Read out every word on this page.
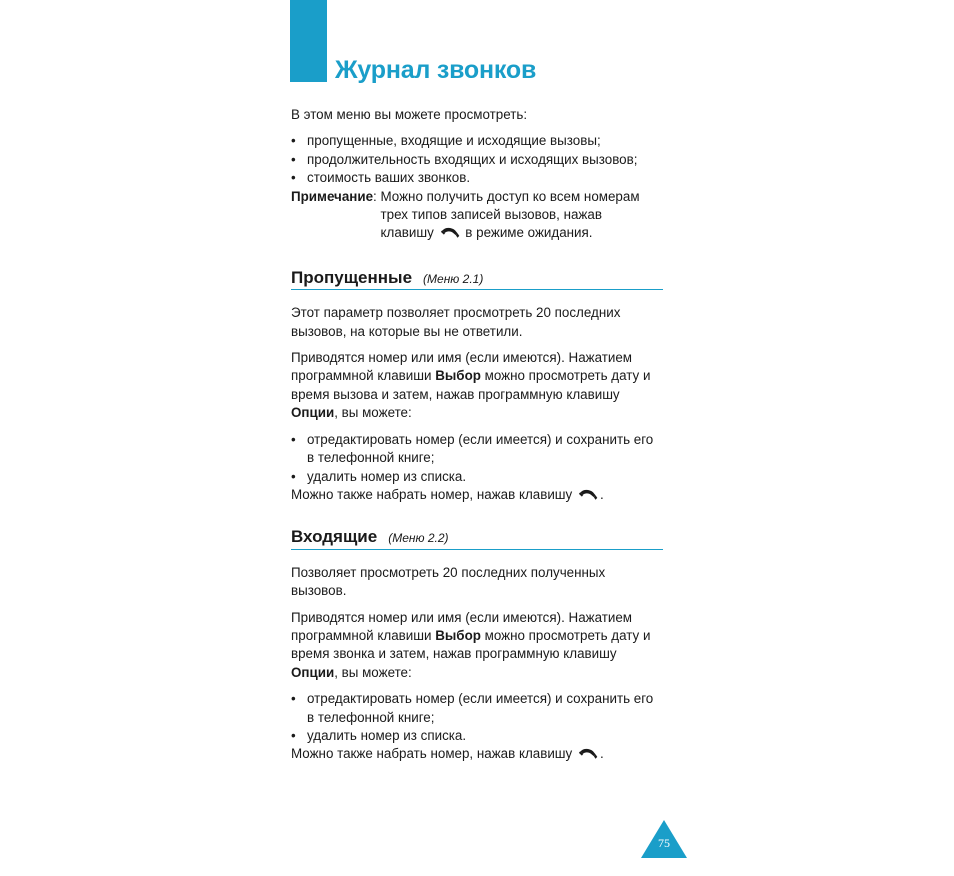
Журнал звонков

В этом меню вы можете просмотреть:

• пропущенные, входящие и исходящие вызовы;
• продолжительность входящих и исходящих вызовов;
• стоимость ваших звонков.
Примечание : Можно получить доступ ко всем номерам трех типов записей вызовов, нажав клавишу в режиме ожидания.
Пропущенные (Меню 2.1)

Этот параметр позволяет просмотреть 20 последних вызовов, на которые вы не ответили.

Приводятся номер или имя (если имеются). Нажатием программной клавиши Выбор можно просмотреть дату и время вызова и затем, нажав программную клавишу Опции, вы можете:

• отредактировать номер (если имеется) и сохранить его в телефонной книге;
• удалить номер из списка.

Можно также набрать номер, нажав клавишу .

Входящие (Меню 2.2)

Позволяет просмотреть 20 последних полученных вызовов.

Приводятся номер или имя (если имеются). Нажатием программной клавиши Выбор можно просмотреть дату и время звонка и затем, нажав программную клавишу Опции, вы можете:

• отредактировать номер (если имеется) и сохранить его в телефонной книге;
• удалить номер из списка.

Можно также набрать номер, нажав клавишу .

75
